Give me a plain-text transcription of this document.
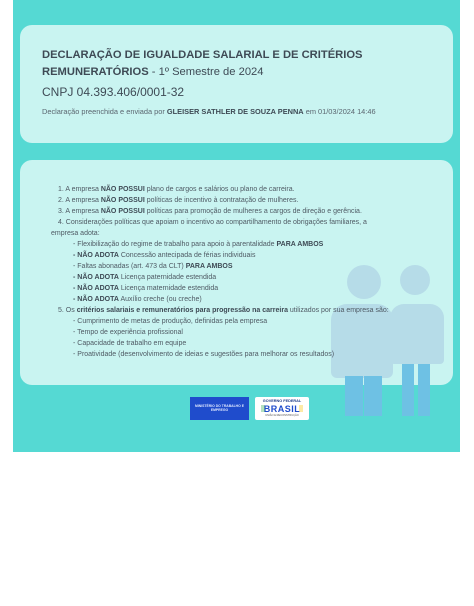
DECLARAÇÃO DE IGUALDADE SALARIAL E DE CRITÉRIOS REMUNERATÓRIOS - 1º Semestre de 2024
CNPJ 04.393.406/0001-32
Declaração preenchida e enviada por GLEISER SATHLER DE SOUZA PENNA em 01/03/2024 14:46
1. A empresa NÃO POSSUI plano de cargos e salários ou plano de carreira.
2. A empresa NÃO POSSUI políticas de incentivo à contratação de mulheres.
3. A empresa NÃO POSSUI políticas para promoção de mulheres a cargos de direção e gerência.
4. Considerações políticas que apoiam o incentivo ao compartilhamento de obrigações familiares, a
empresa adota:
- Flexibilização do regime de trabalho para apoio à parentalidade PARA AMBOS
- NÃO ADOTA Concessão antecipada de férias individuais
- Faltas abonadas (art. 473 da CLT) PARA AMBOS
- NÃO ADOTA Licença paternidade estendida
- NÃO ADOTA Licença maternidade estendida
- NÃO ADOTA Auxílio creche (ou creche)
5. Os critérios salariais e remuneratórios para progressão na carreira utilizados por sua empresa são:
- Cumprimento de metas de produção, definidas pela empresa
- Tempo de experiência profissional
- Capacidade de trabalho em equipe
- Proatividade (desenvolvimento de ideias e sugestões para melhorar os resultados)
MINISTÉRIO DO TRABALHO E EMPREGO
GOVERNO FEDERAL
BRASIL
UNIÃO E RECONSTRUÇÃO
